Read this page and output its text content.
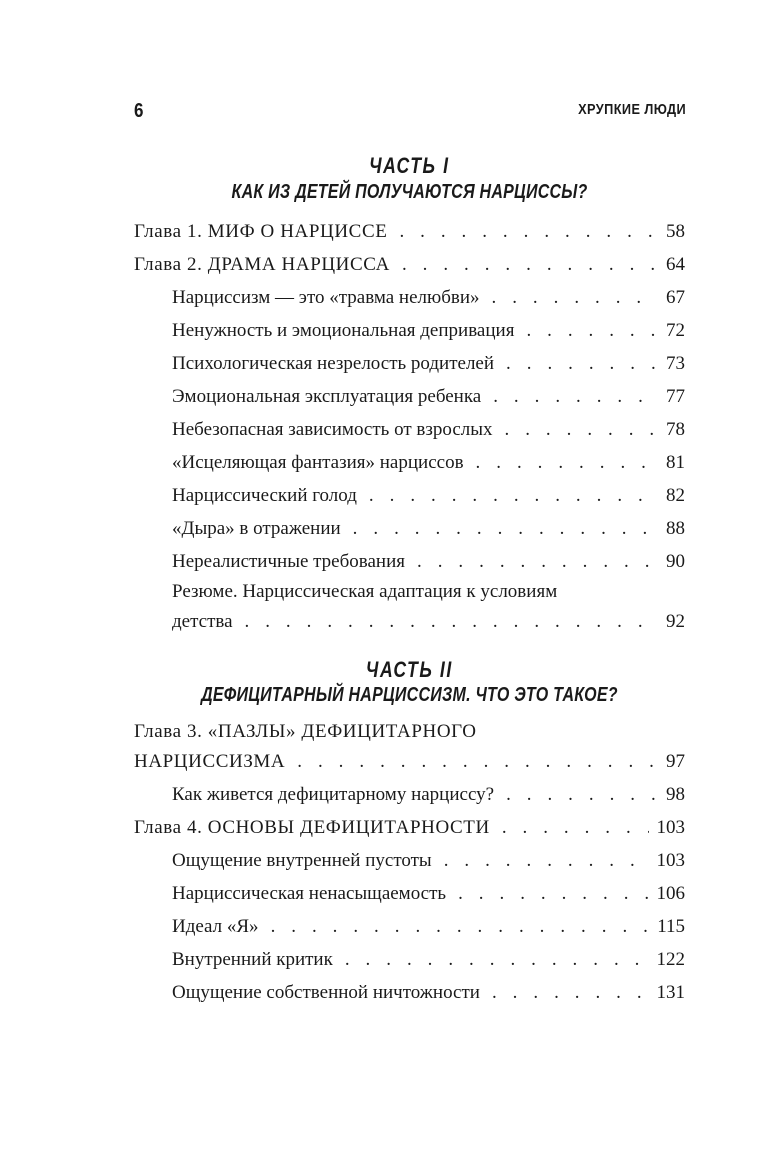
6	ХРУПКИЕ ЛЮДИ
ЧАСТЬ I
КАК ИЗ ДЕТЕЙ ПОЛУЧАЮТСЯ НАРЦИССЫ?
Глава 1. МИФ О НАРЦИССЕ . . .	58
Глава 2. ДРАМА НАРЦИССА . . .	64
Нарциссизм — это «травма нелюбви» . . .	67
Ненужность и эмоциональная депривация . . .	72
Психологическая незрелость родителей . . .	73
Эмоциональная эксплуатация ребенка . . .	77
Небезопасная зависимость от взрослых . . .	78
«Исцеляющая фантазия» нарциссов . . .	81
Нарциссический голод . . .	82
«Дыра» в отражении . . .	88
Нереалистичные требования . . .	90
Резюме. Нарциссическая адаптация к условиям
детства . . .	92
ЧАСТЬ II
ДЕФИЦИТАРНЫЙ НАРЦИССИЗМ. ЧТО ЭТО ТАКОЕ?
Глава 3. «ПАЗЛЫ» ДЕФИЦИТАРНОГО
НАРЦИССИЗМА . . .	97
Как живется дефицитарному нарциссу? . . .	98
Глава 4. ОСНОВЫ ДЕФИЦИТАРНОСТИ . . .	103
Ощущение внутренней пустоты . . .	103
Нарциссическая ненасыщаемость . . .	106
Идеал «Я» . . .	115
Внутренний критик . . .	122
Ощущение собственной ничтожности . . .	131
